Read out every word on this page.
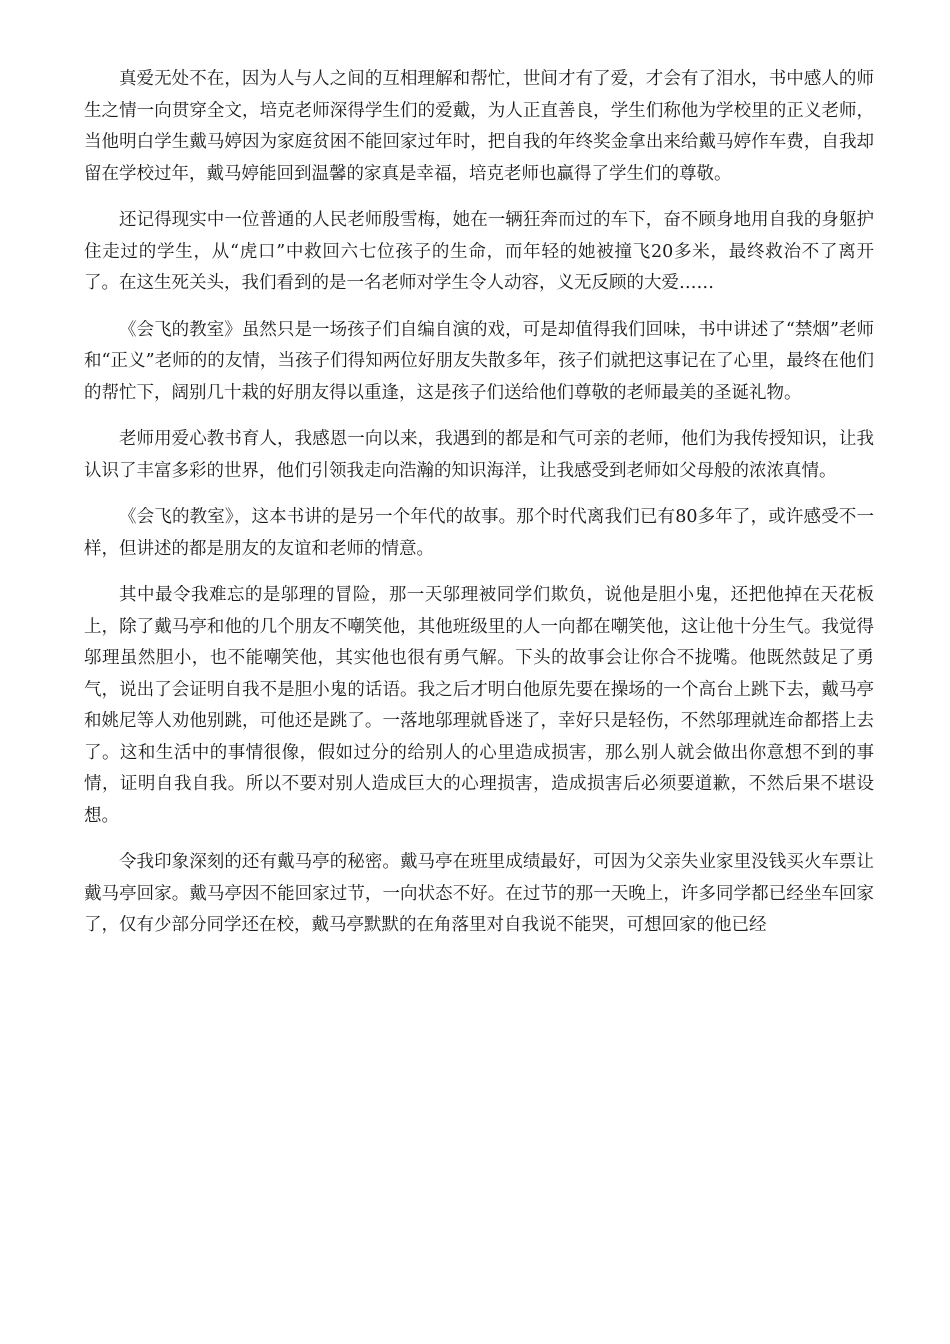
真爱无处不在，因为人与人之间的互相理解和帮忙，世间才有了爱，才会有了泪水，书中感人的师生之情一向贯穿全文，培克老师深得学生们的爱戴，为人正直善良，学生们称他为学校里的正义老师，当他明白学生戴马婷因为家庭贫困不能回家过年时，把自我的年终奖金拿出来给戴马婷作车费，自我却留在学校过年，戴马婷能回到温馨的家真是幸福，培克老师也赢得了学生们的尊敬。

还记得现实中一位普通的人民老师殷雪梅，她在一辆狂奔而过的车下，奋不顾身地用自我的身躯护住走过的学生，从“虎口”中救回六七位孩子的生命，而年轻的她被撞飞20多米，最终救治不了离开了。在这生死关头，我们看到的是一名老师对学生令人动容，义无反顾的大爱……

《会飞的教室》虽然只是一场孩子们自编自演的戏，可是却值得我们回味，书中讲述了“禁烟”老师和“正义”老师的的友情，当孩子们得知两位好朋友失散多年，孩子们就把这事记在了心里，最终在他们的帮忙下，阔别几十栽的好朋友得以重逢，这是孩子们送给他们尊敬的老师最美的圣诞礼物。

老师用爱心教书育人，我感恩一向以来，我遇到的都是和气可亲的老师，他们为我传授知识，让我认识了丰富多彩的世界，他们引领我走向浩瀚的知识海洋，让我感受到老师如父母般的浓浓真情。

《会飞的教室》，这本书讲的是另一个年代的故事。那个时代离我们已有80多年了，或许感受不一样，但讲述的都是朋友的友谊和老师的情意。

其中最令我难忘的是邬理的冒险，那一天邬理被同学们欺负，说他是胆小鬼，还把他掉在天花板上，除了戴马亭和他的几个朋友不嘲笑他，其他班级里的人一向都在嘲笑他，这让他十分生气。我觉得邬理虽然胆小，也不能嘲笑他，其实他也很有勇气解。下头的故事会让你合不拢嘴。他既然鼓足了勇气，说出了会证明自我不是胆小鬼的话语。我之后才明白他原先要在操场的一个高台上跳下去，戴马亭和姚尼等人劝他别跳，可他还是跳了。一落地邬理就昏迷了，幸好只是轻伤，不然邬理就连命都搭上去了。这和生活中的事情很像，假如过分的给别人的心里造成损害，那么别人就会做出你意想不到的事情，证明自我自我。所以不要对别人造成巨大的心理损害，造成损害后必须要道歉，不然后果不堪设想。

令我印象深刻的还有戴马亭的秘密。戴马亭在班里成绩最好，可因为父亲失业家里没钱买火车票让戴马亭回家。戴马亭因不能回家过节，一向状态不好。在过节的那一天晚上，许多同学都已经坐车回家了，仅有少部分同学还在校，戴马亭默默的在角落里对自我说不能哭，可想回家的他已经
